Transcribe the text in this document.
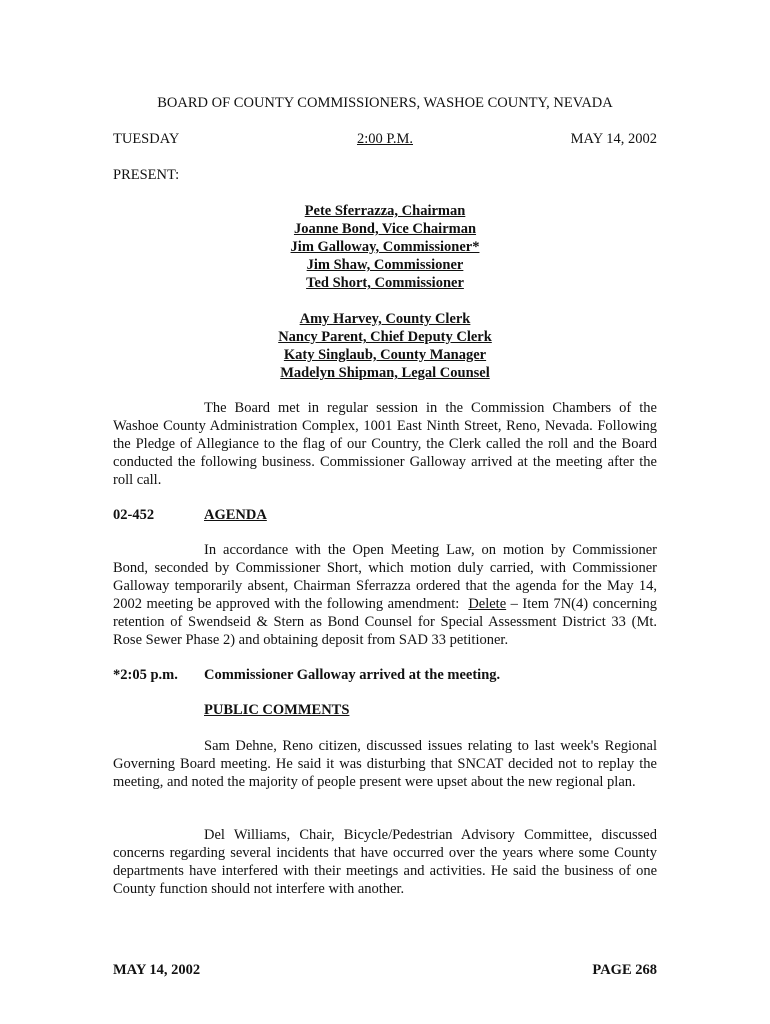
BOARD OF COUNTY COMMISSIONERS, WASHOE COUNTY, NEVADA
TUESDAY	2:00 P.M.	MAY 14, 2002
PRESENT:
Pete Sferrazza, Chairman
Joanne Bond, Vice Chairman
Jim Galloway, Commissioner*
Jim Shaw, Commissioner
Ted Short, Commissioner
Amy Harvey, County Clerk
Nancy Parent, Chief Deputy Clerk
Katy Singlaub, County Manager
Madelyn Shipman, Legal Counsel
The Board met in regular session in the Commission Chambers of the Washoe County Administration Complex, 1001 East Ninth Street, Reno, Nevada. Following the Pledge of Allegiance to the flag of our Country, the Clerk called the roll and the Board conducted the following business. Commissioner Galloway arrived at the meeting after the roll call.
02-452	AGENDA
In accordance with the Open Meeting Law, on motion by Commissioner Bond, seconded by Commissioner Short, which motion duly carried, with Commissioner Galloway temporarily absent, Chairman Sferrazza ordered that the agenda for the May 14, 2002 meeting be approved with the following amendment: Delete – Item 7N(4) concerning retention of Swendseid & Stern as Bond Counsel for Special Assessment District 33 (Mt. Rose Sewer Phase 2) and obtaining deposit from SAD 33 petitioner.
*2:05 p.m. Commissioner Galloway arrived at the meeting.
PUBLIC COMMENTS
Sam Dehne, Reno citizen, discussed issues relating to last week's Regional Governing Board meeting. He said it was disturbing that SNCAT decided not to replay the meeting, and noted the majority of people present were upset about the new regional plan.
Del Williams, Chair, Bicycle/Pedestrian Advisory Committee, discussed concerns regarding several incidents that have occurred over the years where some County departments have interfered with their meetings and activities. He said the business of one County function should not interfere with another.
MAY 14, 2002	PAGE 268
